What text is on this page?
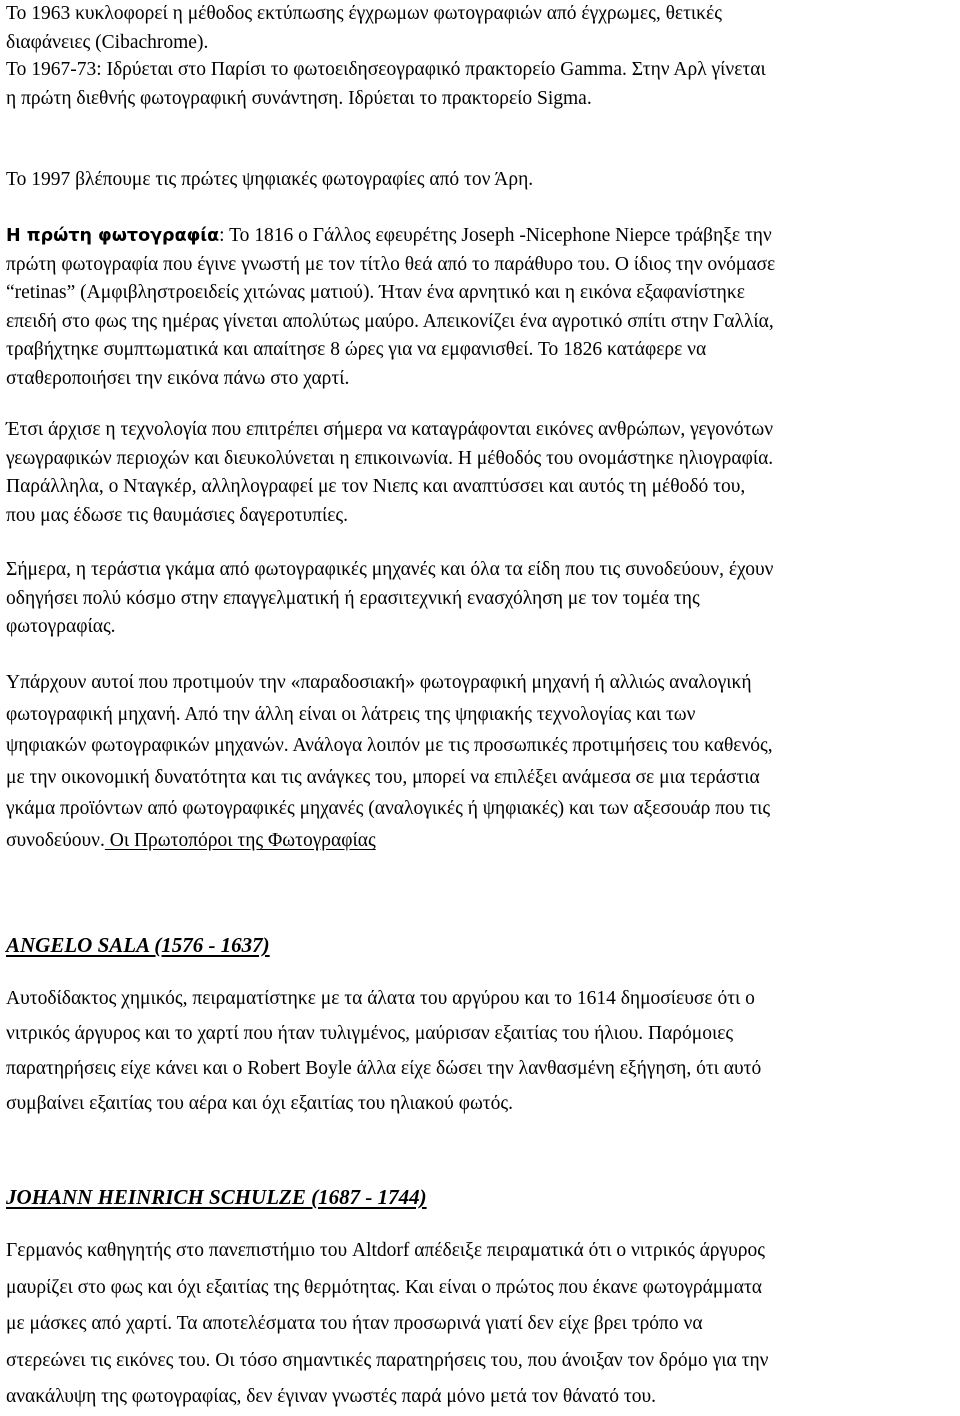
Το 1963 κυκλοφορεί η μέθοδος εκτύπωσης έγχρωμων φωτογραφιών από έγχρωμες, θετικές
διαφάνειες (Cibachrome).
Το 1967-73: Ιδρύεται στο Παρίσι το φωτοειδησεογραφικό πρακτορείο Gamma. Στην Αρλ γίνεται
η πρώτη διεθνής φωτογραφική συνάντηση. Ιδρύεται το πρακτορείο Sigma.
Το 1997 βλέπουμε τις πρώτες ψηφιακές φωτογραφίες από τον Άρη.
Η πρώτη φωτογραφία: Το 1816 ο Γάλλος εφευρέτης Joseph -Nicephone Niepce τράβηξε την
πρώτη φωτογραφία που έγινε γνωστή με τον τίτλο θεά από το παράθυρο του. Ο ίδιος την ονόμασε
“retinas” (Αμφιβληστροειδείς χιτώνας ματιού). Ήταν ένα αρνητικό και η εικόνα εξαφανίστηκε
επειδή στο φως της ημέρας γίνεται απολύτως μαύρο. Απεικονίζει ένα αγροτικό σπίτι στην Γαλλία,
τραβήχτηκε συμπτωματικά και απαίτησε 8 ώρες για να εμφανισθεί. Το 1826 κατάφερε να
σταθεροποιήσει την εικόνα πάνω στο χαρτί.
Έτσι άρχισε η τεχνολογία που επιτρέπει σήμερα να καταγράφονται εικόνες ανθρώπων, γεγονότων
γεωγραφικών περιοχών και διευκολύνεται η επικοινωνία. Η μέθοδός του ονομάστηκε ηλιογραφία.
Παράλληλα, ο Νταγκέρ, αλληλογραφεί με τον Νιεπς και αναπτύσσει και αυτός τη μέθοδό του,
που μας έδωσε τις θαυμάσιες δαγεροτυπίες.
Σήμερα, η τεράστια γκάμα από φωτογραφικές μηχανές και όλα τα είδη που τις συνοδεύουν, έχουν
οδηγήσει πολύ κόσμο στην επαγγελματική ή ερασιτεχνική ενασχόληση με τον τομέα της
φωτογραφίας.
Υπάρχουν αυτοί που προτιμούν την «παραδοσιακή» φωτογραφική μηχανή ή αλλιώς αναλογική
φωτογραφική μηχανή. Από την άλλη είναι οι λάτρεις της ψηφιακής τεχνολογίας και των
ψηφιακών φωτογραφικών μηχανών. Ανάλογα λοιπόν με τις προσωπικές προτιμήσεις του καθενός,
με την οικονομική δυνατότητα και τις ανάγκες του, μπορεί να επιλέξει ανάμεσα σε μια τεράστια
γκάμα προϊόντων από φωτογραφικές μηχανές (αναλογικές ή ψηφιακές) και των αξεσουάρ που τις
συνοδεύουν. Οι Πρωτοπόροι της Φωτογραφίας
ANGELO SALA (1576 - 1637)
Αυτοδίδακτος χημικός, πειραματίστηκε με τα άλατα του αργύρου και το 1614 δημοσίευσε ότι ο
νιτρικός άργυρος και το χαρτί που ήταν τυλιγμένος, μαύρισαν εξαιτίας του ήλιου. Παρόμοιες
παρατηρήσεις είχε κάνει και ο Robert Boyle άλλα είχε δώσει την λανθασμένη εξήγηση, ότι αυτό
συμβαίνει εξαιτίας του αέρα και όχι εξαιτίας του ηλιακού φωτός.
JOHANN HEINRICH SCHULZE (1687 - 1744)
Γερμανός καθηγητής στο πανεπιστήμιο του Altdorf απέδειξε πειραματικά ότι ο νιτρικός άργυρος
μαυρίζει στο φως και όχι εξαιτίας της θερμότητας. Και είναι ο πρώτος που έκανε φωτογράμματα
με μάσκες από χαρτί. Τα αποτελέσματα του ήταν προσωρινά γιατί δεν είχε βρει τρόπο να
στερεώνει τις εικόνες του. Οι τόσο σημαντικές παρατηρήσεις του, που άνοιξαν τον δρόμο για την
ανακάλυψη της φωτογραφίας, δεν έγιναν γνωστές παρά μόνο μετά τον θάνατό του.
